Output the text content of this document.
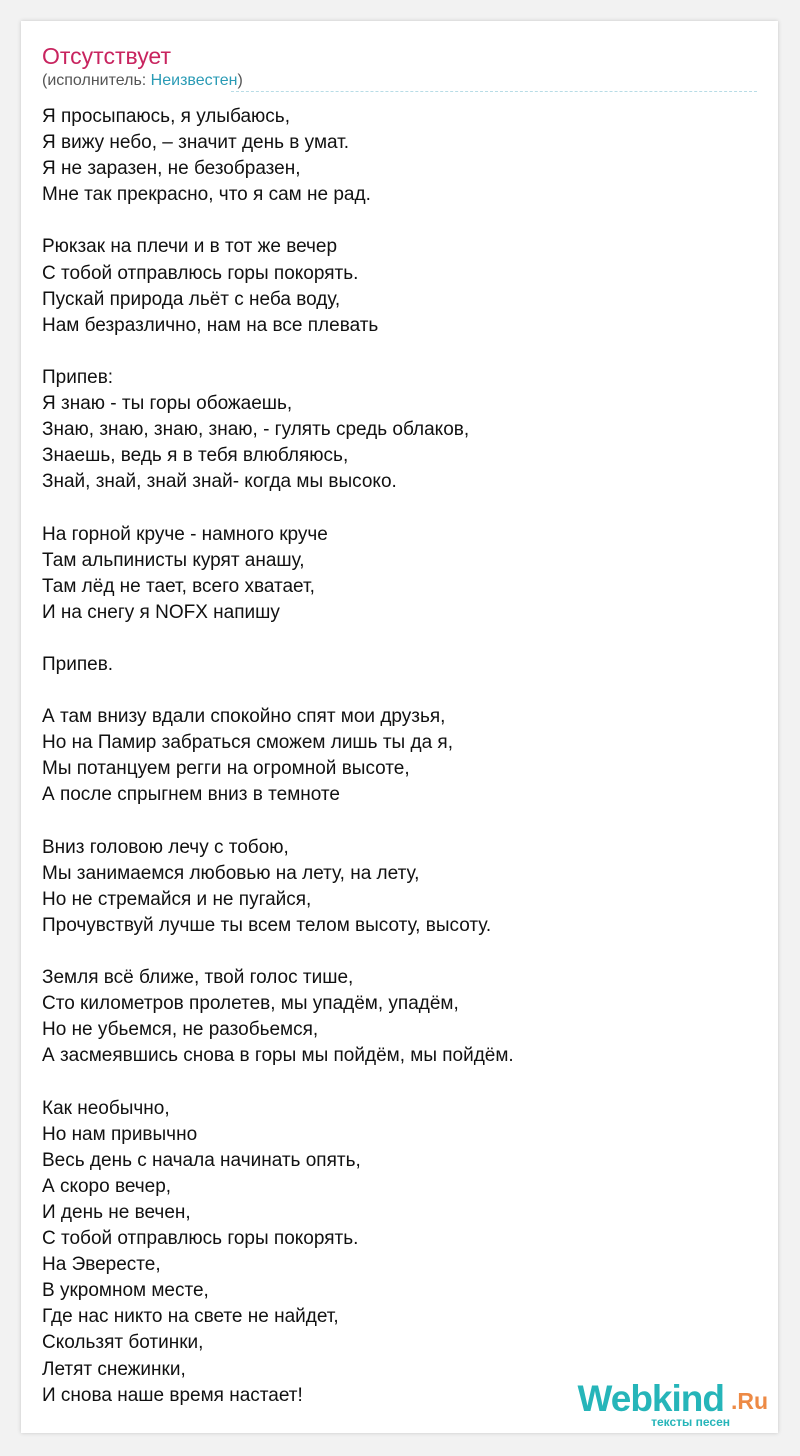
Отсутствует
(исполнитель: Неизвестен)
Я просыпаюсь, я улыбаюсь,
Я вижу небо, – значит день в умат.
Я не заразен, не безобразен,
Мне так прекрасно, что я сам не рад.
Рюкзак на плечи и в тот же вечер
С тобой отправлюсь горы покорять.
Пускай природа льёт с неба воду,
Нам безразлично, нам на все плевать
Припев:
Я знаю - ты горы обожаешь,
Знаю, знаю, знаю, знаю, - гулять средь облаков,
Знаешь, ведь я в тебя влюбляюсь,
Знай, знай, знай знай- когда мы высоко.
На горной круче - намного круче
Там альпинисты курят анашу,
Там лёд не тает, всего хватает,
И на снегу я NOFX напишу
Припев.
А там внизу вдали спокойно спят мои друзья,
Но на Памир забраться сможем лишь ты да я,
Мы потанцуем регги на огромной высоте,
А после спрыгнем вниз в темноте
Вниз головою лечу с тобою,
Мы занимаемся любовью на лету, на лету,
Но не стремайся и не пугайся,
Прочувствуй лучше ты всем телом высоту, высоту.
Земля всё ближе, твой голос тише,
Сто километров пролетев, мы упадём, упадём,
Но не убьемся, не разобьемся,
А засмеявшись снова в горы мы пойдём, мы пойдём.
Как необычно,
Но нам привычно
Весь день с начала начинать опять,
А скоро вечер,
И день не вечен,
С тобой отправлюсь горы покорять.
На Эвересте,
В укромном месте,
Где нас никто на свете не найдет,
Скользят ботинки,
Летят снежинки,
И снова наше время настает!	Webkind .Ru
тексты песен
